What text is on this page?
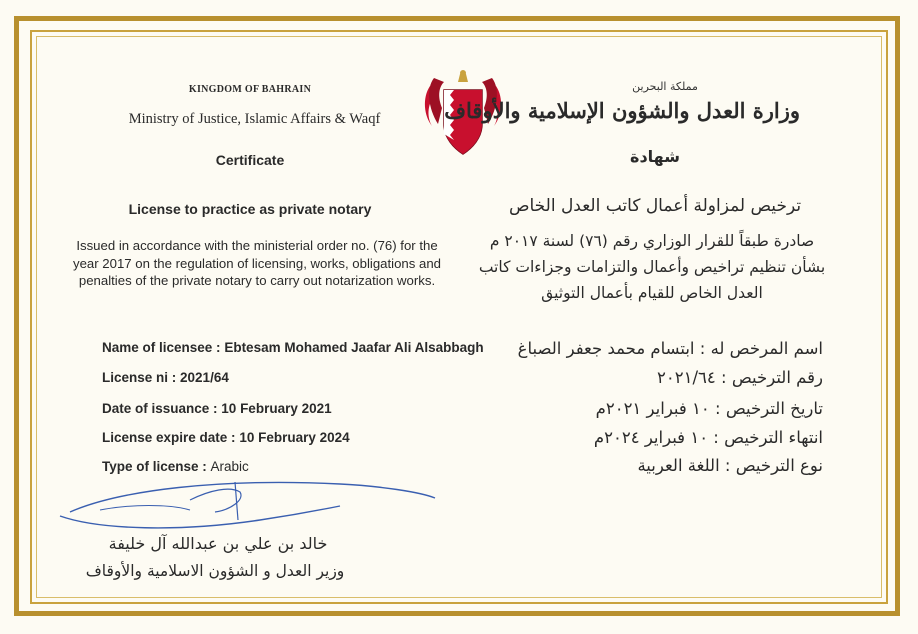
KINGDOM OF BAHRAIN
Ministry of Justice, Islamic Affairs & Waqf
Certificate
License to practice as private notary
Issued in accordance with the ministerial order no. (76) for the year 2017 on the regulation of licensing, works, obligations and penalties of the private notary to carry out notarization works.
Name of licensee : Ebtesam Mohamed Jaafar Ali Alsabbagh
License ni : 2021/64
Date of issuance : 10 February 2021
License expire date : 10 February 2024
Type of license : Arabic
مملكة البحرين
وزارة العدل والشؤون الإسلامية والأوقاف
شهادة
ترخيص لمزاولة أعمال كاتب العدل الخاص
صادرة طبقاً للقرار الوزاري رقم (٧٦) لسنة ٢٠١٧ م بشأن تنظيم تراخيص وأعمال والتزامات وجزاءات كاتب العدل الخاص للقيام بأعمال التوثيق
اسم المرخص له : ابتسام محمد جعفر الصباغ
رقم الترخيص : ٢٠٢١/٦٤
تاريخ الترخيص : ١٠ فبراير ٢٠٢١م
انتهاء الترخيص : ١٠ فبراير ٢٠٢٤م
نوع الترخيص : اللغة العربية
خالد بن علي بن عبدالله آل خليفة
وزير العدل و الشؤون الاسلامية والأوقاف
